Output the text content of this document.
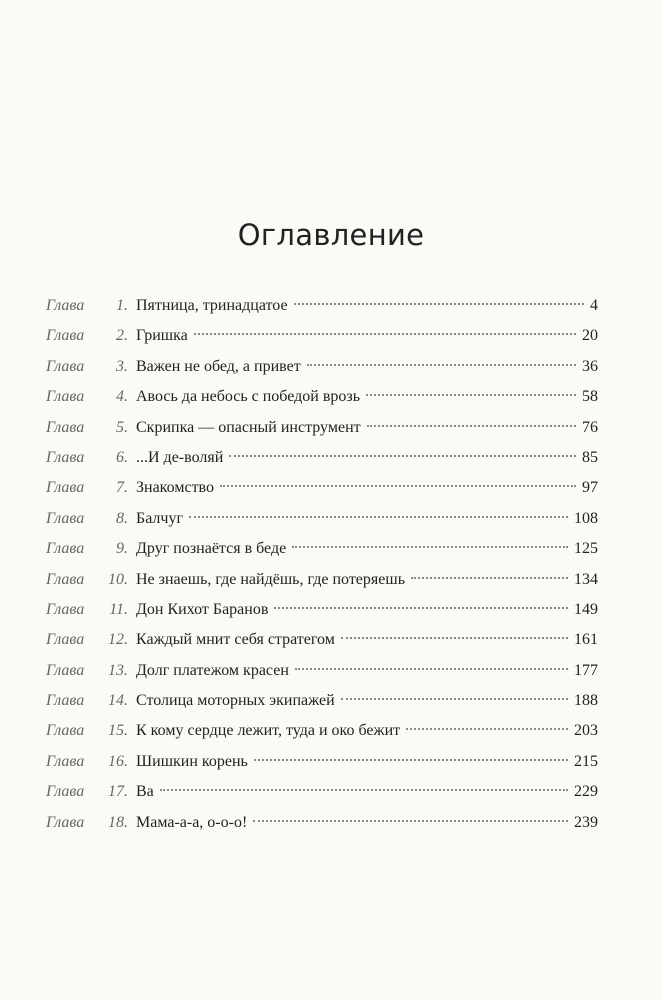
Оглавление
Глава	1 . Пятница, тринадцатое	4
Глава	2 . Гришка	20
Глава	3 . Важен не обед, а привет	36
Глава	4 . Авось да небось с победой врозь	58
Глава	5 . Скрипка — опасный инструмент	76
Глава	6 . ...И де-воляй	85
Глава	7 . Знакомство	97
Глава	8 . Балчуг	108
Глава	9 . Друг познаётся в беде	125
Глава	10 . Не знаешь, где найдёшь, где потеряешь	134
Глава	11 . Дон Кихот Баранов	149
Глава	12 . Каждый мнит себя стратегом	161
Глава	13 . Долг платежом красен	177
Глава	14 . Столица моторных экипажей	188
Глава	15 . К кому сердце лежит, туда и око бежит	203
Глава	16 . Шишкин корень	215
Глава	17 . Ва	229
Глава	18 . Мама-а-а, о-о-о!	239
